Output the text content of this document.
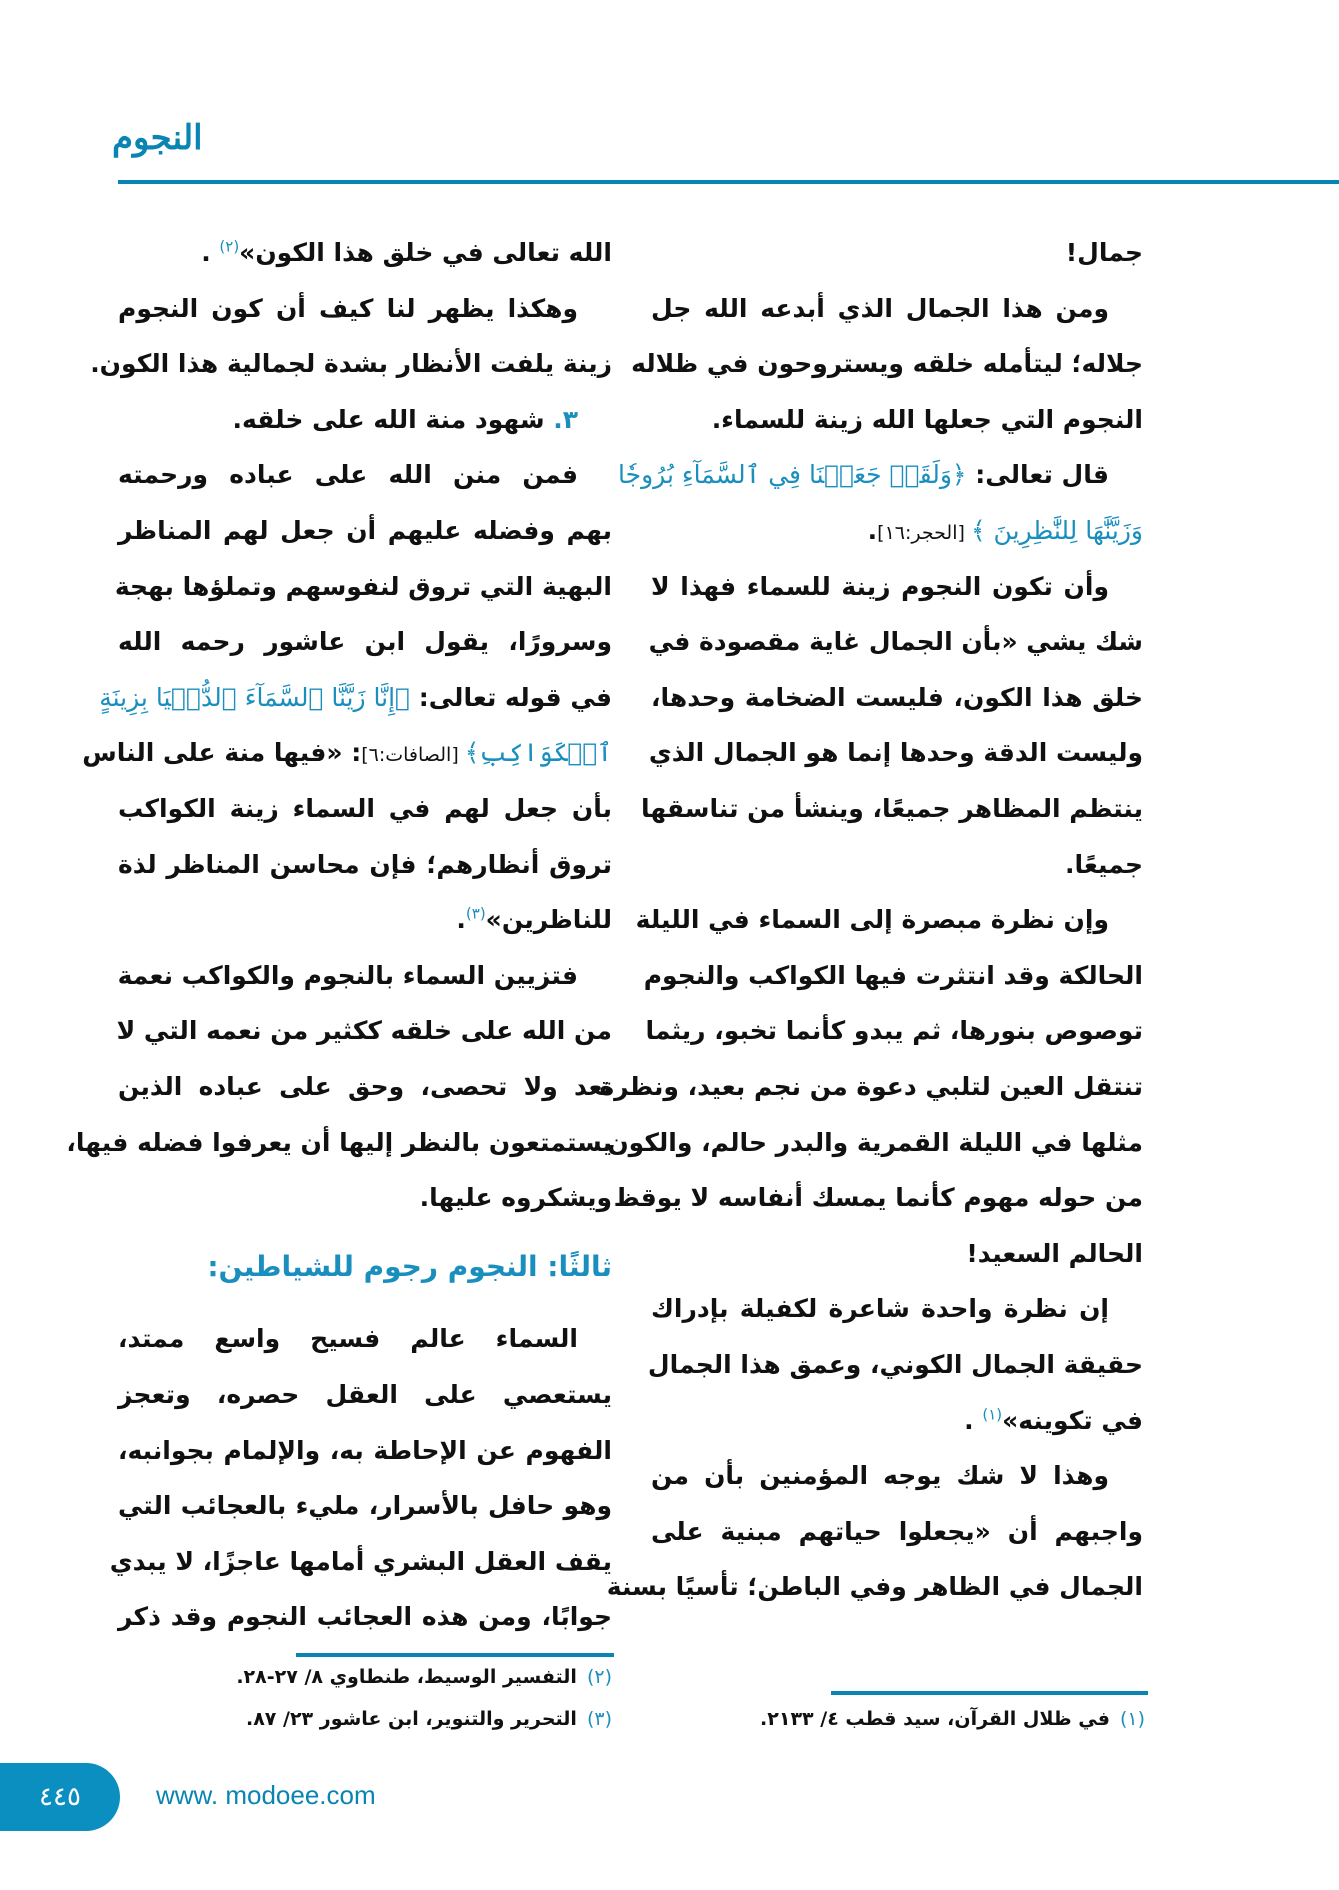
النجوم
جمال!
ومن هذا الجمال الذي أبدعه الله جل
جلاله؛ ليتأمله خلقه ويستروحون في ظلاله
النجوم التي جعلها الله زينة للسماء.
قال تعالى: ﴿وَلَقَدۡ جَعَلۡنَا فِي ٱلسَّمَآءِ بُرُوجٗا
وَزَيَّنَّٰهَا لِلنَّٰظِرِينَ ﴾ [الحجر:١٦].
وأن تكون النجوم زينة للسماء فهذا لا
شك يشي «بأن الجمال غاية مقصودة في
خلق هذا الكون، فليست الضخامة وحدها،
وليست الدقة وحدها إنما هو الجمال الذي
ينتظم المظاهر جميعًا، وينشأ من تناسقها
جميعًا.
وإن نظرة مبصرة إلى السماء في الليلة
الحالكة وقد انتثرت فيها الكواكب والنجوم
توصوص بنورها، ثم يبدو كأنما تخبو، ريثما
تنتقل العين لتلبي دعوة من نجم بعيد، ونظرة
مثلها في الليلة القمرية والبدر حالم، والكون
من حوله مهوم كأنما يمسك أنفاسه لا يوقظ
الحالم السعيد!
إن نظرة واحدة شاعرة لكفيلة بإدراك
حقيقة الجمال الكوني، وعمق هذا الجمال
في تكوينه»$^{(١)}$ .
وهذا لا شك يوجه المؤمنين بأن من
واجبهم أن «يجعلوا حياتهم مبنية على
الجمال في الظاهر وفي الباطن؛ تأسيًا بسنة
الله تعالى في خلق هذا الكون»$^{(٢)}$ .
وهكذا يظهر لنا كيف أن كون النجوم
زينة يلفت الأنظار بشدة لجمالية هذا الكون.
٣. شهود منة الله على خلقه.
فمن منن الله على عباده ورحمته
بهم وفضله عليهم أن جعل لهم المناظر
البهية التي تروق لنفوسهم وتملؤها بهجة
وسرورًا، يقول ابن عاشور رحمه الله
في قوله تعالى: ﴿إِنَّا زَيَّنَّا ٱلسَّمَآءَ ٱلدُّنۡيَا بِزِينَةٍ
ٱلۡكَوَاكِبِ﴾ [الصافات:٦]: «فيها منة على الناس
بأن جعل لهم في السماء زينة الكواكب
تروق أنظارهم؛ فإن محاسن المناظر لذة
للناظرين»$^{(٣)}$.
فتزيين السماء بالنجوم والكواكب نعمة
من الله على خلقه ككثير من نعمه التي لا
تعد ولا تحصى، وحق على عباده الذين
يستمتعون بالنظر إليها أن يعرفوا فضله فيها،
ويشكروه عليها.
ثالثًا: النجوم رجوم للشياطين:
السماء عالم فسيح واسع ممتد،
يستعصي على العقل حصره، وتعجز
الفهوم عن الإحاطة به، والإلمام بجوانبه،
وهو حافل بالأسرار، مليء بالعجائب التي
يقف العقل البشري أمامها عاجزًا، لا يبدي
جوابًا، ومن هذه العجائب النجوم وقد ذكر
(٢)التفسير الوسيط، طنطاوي ٨/ ٢٧-٢٨.
(٣)التحرير والتنوير، ابن عاشور ٢٣/ ٨٧.	(١)في ظلال القرآن، سيد قطب ٤/ ٢١٣٣.
٤٤٥	www. modoee.com
